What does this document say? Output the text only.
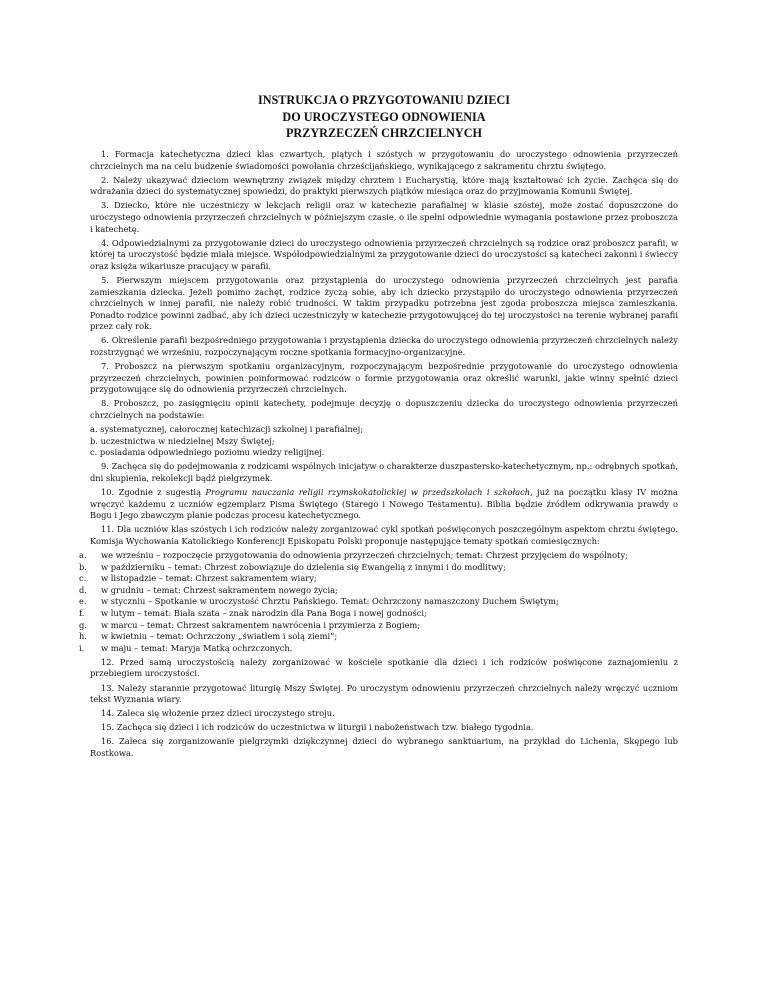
INSTRUKCJA O PRZYGOTOWANIU DZIECI
DO UROCZYSTEGO ODNOWIENIA
PRZYRZECZEŃ CHRZCIELNYCH

1. Formacja katechetyczna dzieci klas czwartych, piątych i szóstych w przygotowaniu do uroczystego odnowienia przyrzeczeń chrzcielnych ma na celu budzenie świadomości powołania chrześcijańskiego, wynikającego z sakramentu chrztu świętego.

2. Należy ukazywać dzieciom wewnętrzny związek między chrztem i Eucharystią, które mają kształtować ich życie. Zachęca się do wdrażania dzieci do systematycznej spowiedzi, do praktyki pierwszych piątków miesiąca oraz do przyjmowania Komunii Świętej.

3. Dziecko, które nie uczestniczy w lekcjach religii oraz w katechezie parafialnej w klasie szóstej, może zostać dopuszczone do uroczystego odnowienia przyrzeczeń chrzcielnych w późniejszym czasie, o ile spełni odpowiednie wymagania postawione przez proboszcza i katechetę.

4. Odpowiedzialnymi za przygotowanie dzieci do uroczystego odnowienia przyrzeczeń chrzcielnych są rodzice oraz proboszcz parafii, w której ta uroczystość będzie miała miejsce. Współodpowiedzialnymi za przygotowanie dzieci do uroczystości są katecheci zakonni i świeccy oraz księża wikariusze pracujący w parafii.

5. Pierwszym miejscem przygotowania oraz przystąpienia do uroczystego odnowienia przyrzeczeń chrzcielnych jest parafia zamieszkania dziecka. Jeżeli pomimo zachęt, rodzice życzą sobie, aby ich dziecko przystąpiło do uroczystego odnowienia przyrzeczeń chrzcielnych w innej parafii, nie należy robić trudności. W takim przypadku potrzebna jest zgoda proboszcza miejsca zamieszkania. Ponadto rodzice powinni zadbać, aby ich dzieci uczestniczyły w katechezie przygotowującej do tej uroczystości na terenie wybranej parafii przez cały rok.

6. Określenie parafii bezpośredniego przygotowania i przystąpienia dziecka do uroczystego odnowienia przyrzeczeń chrzcielnych należy rozstrzygnąć we wrześniu, rozpoczynającym roczne spotkania formacyjno-organizacyjne.

7. Proboszcz na pierwszym spotkaniu organizacyjnym, rozpoczynającym bezpośrednie przygotowanie do uroczystego odnowienia przyrzeczeń chrzcielnych, powinien poinformować rodziców o formie przygotowania oraz określić warunki, jakie winny spełnić dzieci przygotowujące się do odnowienia przyrzeczeń chrzcielnych.

8. Proboszcz, po zasięgnięciu opinii katechety, podejmuje decyzję o dopuszczeniu dziecka do uroczystego odnowienia przyrzeczeń chrzcielnych na podstawie:

a. systematycznej, całorocznej katechizacji szkolnej i parafialnej;
b. uczestnictwa w niedzielnej Mszy Świętej;
c. posiadania odpowiedniego poziomu wiedzy religijnej.

9. Zachęca się do podejmowania z rodzicami wspólnych inicjatyw o charakterze duszpastersko-katechetycznym, np.: odrębnych spotkań, dni skupienia, rekolekcji bądź pielgrzymek.

10. Zgodnie z sugestią Programu nauczania religii rzymskokatolickiej w przedszkolach i szkołach, już na początku klasy IV można wręczyć każdemu z uczniów egzemplarz Pisma Świętego (Starego i Nowego Testamentu). Biblia będzie źródłem odkrywania prawdy o Bogu i Jego zbawczym planie podczas procesu katechetycznego.

11. Dla uczniów klas szóstych i ich rodziców należy zorganizować cykl spotkań poświęconych poszczególnym aspektom chrztu świętego. Komisja Wychowania Katolickiego Konferencji Episkopatu Polski proponuje następujące tematy spotkań comiesięcznych:

a. we wrześniu – rozpoczęcie przygotowania do odnowienia przyrzeczeń chrzcielnych; temat: Chrzest przyjęciem do wspólnoty;
b. w październiku – temat: Chrzest zobowiązuje do dzielenia się Ewangelią z innymi i do modlitwy;
c. w listopadzie – temat: Chrzest sakramentem wiary;
d. w grudniu – temat: Chrzest sakramentem nowego życia;
e. w styczniu – Spotkanie w uroczystość Chrztu Pańskiego. Temat: Ochrzczony namaszczony Duchem Świętym;
f. w lutym – temat: Biała szata – znak narodzin dla Pana Boga i nowej godności;
g. w marcu – temat: Chrzest sakramentem nawrócenia i przymierza z Bogiem;
h. w kwietniu – temat: Ochrzczony „światłem i solą ziemi”;
i. w maju – temat: Maryja Matką ochrzczonych.

12. Przed samą uroczystością należy zorganizować w kościele spotkanie dla dzieci i ich rodziców poświęcone zaznajomieniu z przebiegiem uroczystości.

13. Należy starannie przygotować liturgię Mszy Świętej. Po uroczystym odnowieniu przyrzeczeń chrzcielnych należy wręczyć uczniom tekst Wyznania wiary.

14. Zaleca się włożenie przez dzieci uroczystego stroju.

15. Zachęca się dzieci i ich rodziców do uczestnictwa w liturgii i nabożeństwach tzw. białego tygodnia.

16. Zaleca się zorganizowanie pielgrzymki dziękczynnej dzieci do wybranego sanktuarium, na przykład do Lichenia, Skępego lub Rostkowa.
